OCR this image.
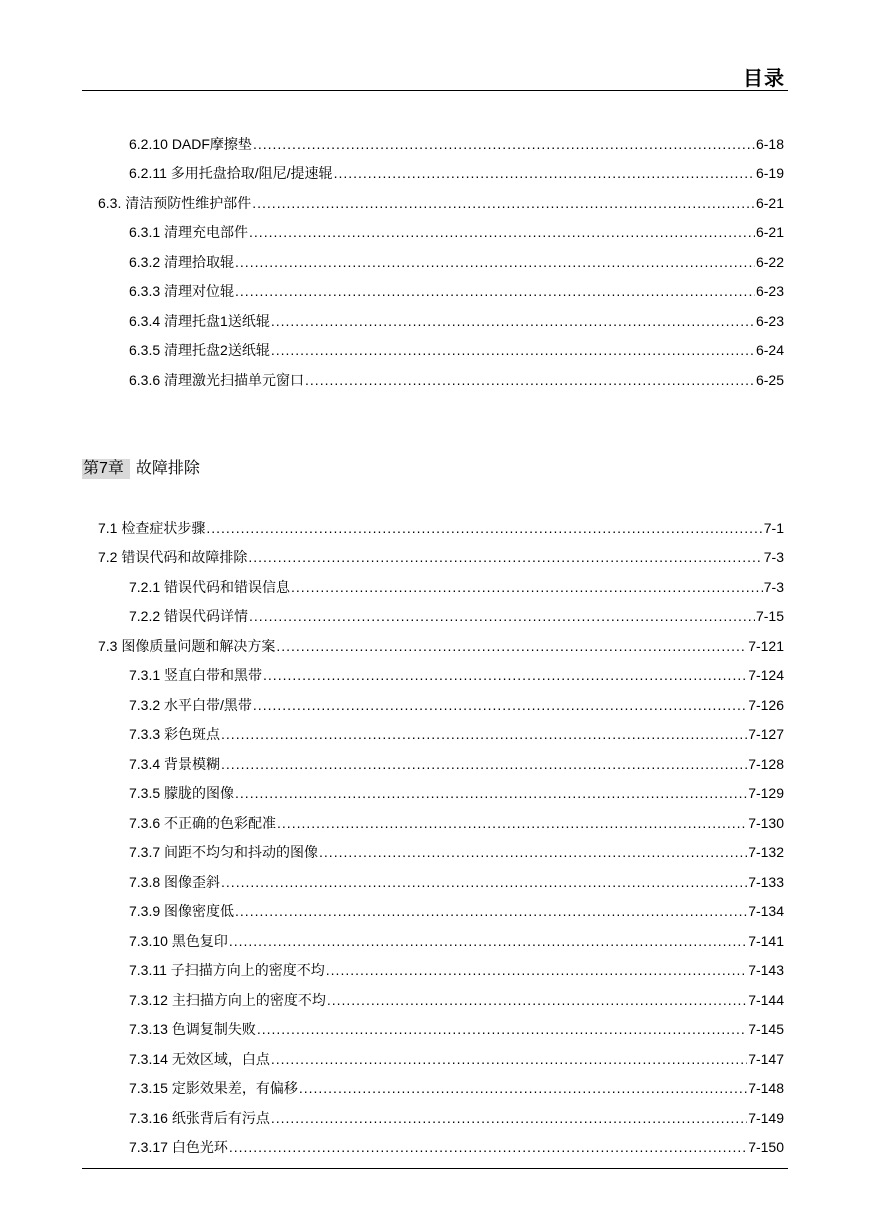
目录
6.2.10 DADF摩擦垫 .....	6-18
6.2.11 多用托盘拾取/阻尼/提速辊 .....	6-19
6.3. 清洁预防性维护部件 .....	6-21
6.3.1 清理充电部件 .....	6-21
6.3.2 清理拾取辊 .....	6-22
6.3.3 清理对位辊 .....	6-23
6.3.4 清理托盘1送纸辊 .....	6-23
6.3.5 清理托盘2送纸辊 .....	6-24
6.3.6 清理激光扫描单元窗口 .....	6-25
第7章 故障排除
7.1 检查症状步骤 .....	7-1
7.2 错误代码和故障排除 .....	7-3
7.2.1 错误代码和错误信息 .....	7-3
7.2.2 错误代码详情 .....	7-15
7.3 图像质量问题和解决方案 .....	7-121
7.3.1 竖直白带和黑带 .....	7-124
7.3.2 水平白带/黑带 .....	7-126
7.3.3 彩色斑点 .....	7-127
7.3.4 背景模糊 .....	7-128
7.3.5 朦胧的图像 .....	7-129
7.3.6 不正确的色彩配准 .....	7-130
7.3.7 间距不均匀和抖动的图像 .....	7-132
7.3.8 图像歪斜 .....	7-133
7.3.9 图像密度低 .....	7-134
7.3.10 黑色复印 .....	7-141
7.3.11 子扫描方向上的密度不均 .....	7-143
7.3.12 主扫描方向上的密度不均 .....	7-144
7.3.13 色调复制失败 .....	7-145
7.3.14 无效区域，白点 .....	7-147
7.3.15 定影效果差，有偏移 .....	7-148
7.3.16 纸张背后有污点 .....	7-149
7.3.17 白色光环 .....	7-150
